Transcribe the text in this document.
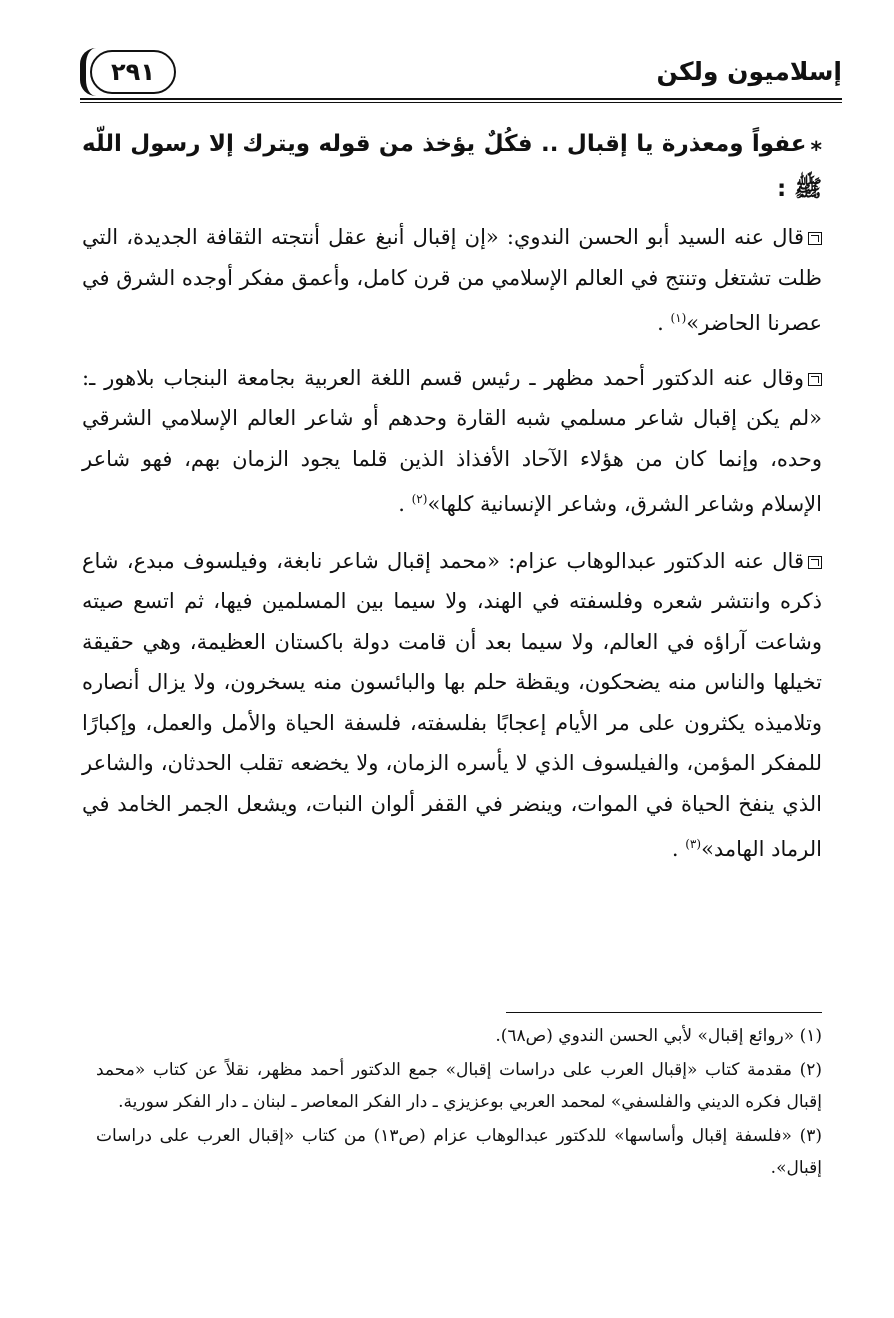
إسلاميون ولكن
٢٩١

⁎عفواً ومعذرة يا إقبال .. فكُلٌ يؤخذ من قوله ويترك إلا رسول اللّه ﷺ :

قال عنه السيد أبو الحسن الندوي: «إن إقبال أنبغ عقل أنتجته الثقافة الجديدة، التي ظلت تشتغل وتنتج في العالم الإسلامي من قرن كامل، وأعمق مفكر أوجده الشرق في عصرنا الحاضر»$^{(١)}$ .

وقال عنه الدكتور أحمد مظهر ـ رئيس قسم اللغة العربية بجامعة البنجاب بلاهور ـ: «لم يكن إقبال شاعر مسلمي شبه القارة وحدهم أو شاعر العالم الإسلامي الشرقي وحده، وإنما كان من هؤلاء الآحاد الأفذاذ الذين قلما يجود الزمان بهم، فهو شاعر الإسلام وشاعر الشرق، وشاعر الإنسانية كلها»$^{(٢)}$ .

قال عنه الدكتور عبدالوهاب عزام: «محمد إقبال شاعر نابغة، وفيلسوف مبدع، شاع ذكره وانتشر شعره وفلسفته في الهند، ولا سيما بين المسلمين فيها، ثم اتسع صيته وشاعت آراؤه في العالم، ولا سيما بعد أن قامت دولة باكستان العظيمة، وهي حقيقة تخيلها والناس منه يضحكون، ويقظة حلم بها والبائسون منه يسخرون، ولا يزال أنصاره وتلاميذه يكثرون على مر الأيام إعجابًا بفلسفته، فلسفة الحياة والأمل والعمل، وإكبارًا للمفكر المؤمن، والفيلسوف الذي لا يأسره الزمان، ولا يخضعه تقلب الحدثان، والشاعر الذي ينفخ الحياة في الموات، وينضر في القفر ألوان النبات، ويشعل الجمر الخامد في الرماد الهامد»$^{(٣)}$ .

(١) «روائع إقبال» لأبي الحسن الندوي (ص٦٨).

(٢) مقدمة كتاب «إقبال العرب على دراسات إقبال» جمع الدكتور أحمد مظهر، نقلاً عن كتاب «محمد إقبال فكره الديني والفلسفي» لمحمد العربي بوعزيزي ـ دار الفكر المعاصر ـ لبنان ـ دار الفكر سورية.

(٣) «فلسفة إقبال وأساسها» للدكتور عبدالوهاب عزام (ص١٣) من كتاب «إقبال العرب على دراسات إقبال».
